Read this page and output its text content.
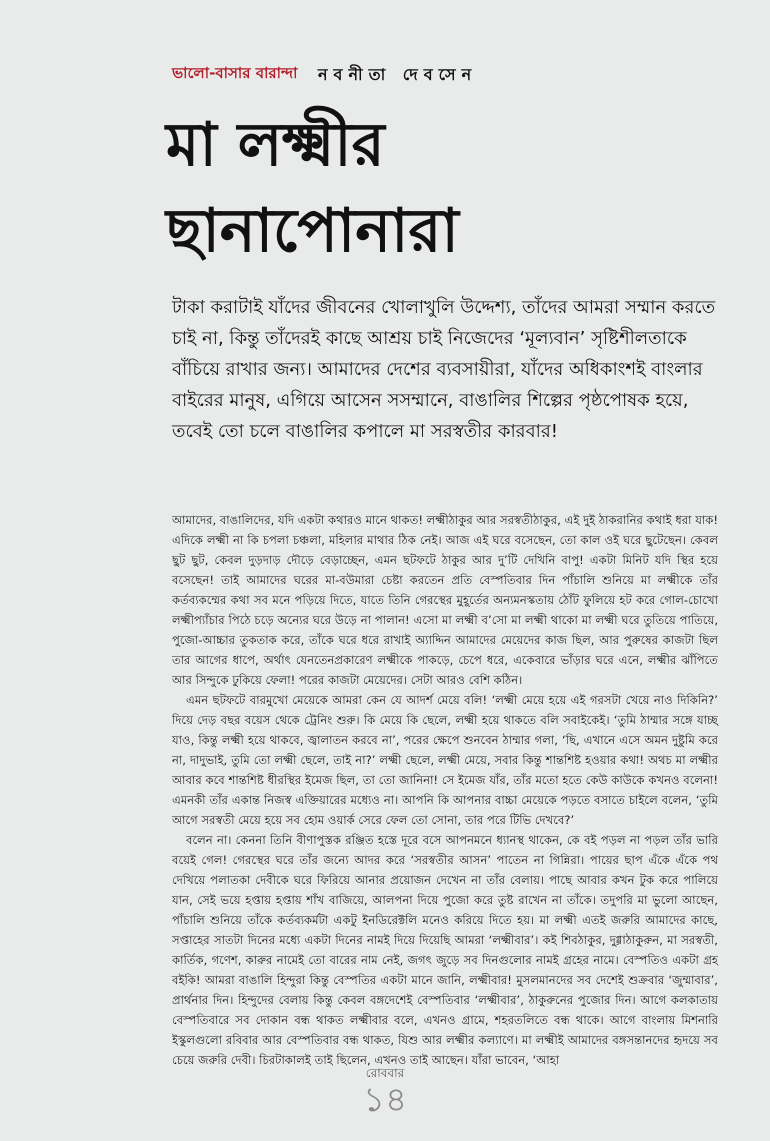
ভালো-বাসার বারান্দা নবনীতা দেবসেন
মা লক্ষ্মীর
ছানাপোনারা

টাকা করাটাই যাঁদের জীবনের খোলাখুলি উদ্দেশ্য, তাঁদের আমরা সম্মান করতে চাই না, কিন্তু তাঁদেরই কাছে আশ্রয় চাই নিজেদের ‘মূল্যবান’ সৃষ্টিশীলতাকে বাঁচিয়ে রাখার জন্য। আমাদের দেশের ব্যবসায়ীরা, যাঁদের অধিকাংশই বাংলার বাইরের মানুষ, এগিয়ে আসেন সসম্মানে, বাঙালির শিল্পের পৃষ্ঠপোষক হয়ে, তবেই তো চলে বাঙালির কপালে মা সরস্বতীর কারবার!

আমাদের, বাঙালিদের, যদি একটা কথারও মানে থাকত! লক্ষ্মীঠাকুর আর সরস্বতীঠাকুর, এই দুই ঠাকরানির কথাই ধরা যাক! এদিকে লক্ষ্মী না কি চপলা চঞ্চলা, মহিলার মাথার ঠিক নেই। আজ এই ঘরে বসেছেন, তো কাল ওই ঘরে ছুটেছেন। কেবল ছুট ছুট, কেবল দুড়দাড় দৌড়ে বেড়াচ্ছেন, এমন ছটফটে ঠাকুর আর দু’টি দেখিনি বাপু! একটা মিনিট যদি স্থির হয়ে বসেছেন! তাই আমাদের ঘরের মা-বউমারা চেষ্টা করতেন প্রতি বেস্পতিবার দিন পাঁচালি শুনিয়ে মা লক্ষ্মীকে তাঁর কর্তব্যকম্মের কথা সব মনে পড়িয়ে দিতে, যাতে তিনি গেরস্থের মুহূর্তের অন্যমনস্কতায় ঠোঁট ফুলিয়ে হট করে গোল-চোখো লক্ষ্মীপ্যাঁচার পিঠে চড়ে অন্যের ঘরে উড়ে না পালান! এসো মা লক্ষ্মী ব’সো মা লক্ষ্মী থাকো মা লক্ষ্মী ঘরে তুতিয়ে পাতিয়ে, পুজো-আচ্চার তুকতাক করে, তাঁকে ঘরে ধরে রাখাই অ্যাদ্দিন আমাদের মেয়েদের কাজ ছিল, আর পুরুষের কাজটা ছিল তার আগের ধাপে, অর্থাৎ যেনতেনপ্রকারেণ লক্ষ্মীকে পাকড়ে, চেপে ধরে, একেবারে ভাঁড়ার ঘরে এনে, লক্ষ্মীর ঝাঁপিতে আর সিন্দুকে ঢুকিয়ে ফেলা! পরের কাজটা মেয়েদের। সেটা আরও বেশি কঠিন।

এমন ছটফটে বারমুখো মেয়েকে আমরা কেন যে আদর্শ মেয়ে বলি! ‘লক্ষ্মী মেয়ে হয়ে এই গরসটা খেয়ে নাও দিকিনি?’ দিয়ে দেড় বছর বয়েস থেকে ট্রেনিং শুরু। কি মেয়ে কি ছেলে, লক্ষ্মী হয়ে থাকতে বলি সবাইকেই। ‘তুমি ঠাম্মার সঙ্গে যাচ্ছ যাও, কিন্তু লক্ষ্মী হয়ে থাকবে, জ্বালাতন করবে না’, পরের ক্ষেপে শুনবেন ঠাম্মার গলা, ‘ছি, এখানে এসে অমন দুষ্টুমি করে না, দাদুভাই, তুমি তো লক্ষ্মী ছেলে, তাই না?’ লক্ষ্মী ছেলে, লক্ষ্মী মেয়ে, সবার কিন্তু শান্তশিষ্ট হওয়ার কথা! অথচ মা লক্ষ্মীর আবার কবে শান্তশিষ্ট ধীরস্থির ইমেজ ছিল, তা তো জানিনা! সে ইমেজ যাঁর, তাঁর মতো হতে কেউ কাউকে কখনও বলেনা! এমনকী তাঁর একান্ত নিজস্ব এক্তিয়ারের মধ্যেও না। আপনি কি আপনার বাচ্চা মেয়েকে পড়তে বসাতে চাইলে বলেন, ‘তুমি আগে সরস্বতী মেয়ে হয়ে সব হোম ওয়ার্ক সেরে ফেল তো সোনা, তার পরে টিভি দেখবে?’

বলেন না। কেননা তিনি বীণাপুস্তক রঞ্জিত হস্তে দূরে বসে আপনমনে ধ্যানস্থ থাকেন, কে বই পড়ল না পড়ল তাঁর ভারি বয়েই গেল! গেরস্থের ঘরে তাঁর জন্যে আদর করে ‘সরস্বতীর আসন’ পাতেন না গিন্নিরা। পায়ের ছাপ এঁকে এঁকে পথ দেখিয়ে পলাতকা দেবীকে ঘরে ফিরিয়ে আনার প্রয়োজন দেখেন না তাঁর বেলায়। পাছে আবার কখন টুক করে পালিয়ে যান, সেই ভয়ে হপ্তায় হপ্তায় শাঁখ বাজিয়ে, আলপনা দিয়ে পুজো করে তুষ্ট রাখেন না তাঁকে। তদুপরি মা ভুলো আছেন, পাঁচালি শুনিয়ে তাঁকে কর্তব্যকর্মটা একটু ইনডিরেক্টলি মনেও করিয়ে দিতে হয়। মা লক্ষ্মী এতই জরুরি আমাদের কাছে, সপ্তাহের সাতটা দিনের মধ্যে একটা দিনের নামই দিয়ে দিয়েছি আমরা ‘লক্ষ্মীবার’। কই শিবঠাকুর, দুগ্গাঠাকুরুন, মা সরস্বতী, কার্তিক, গণেশ, কারুর নামেই তো বারের নাম নেই, জগৎ জুড়ে সব দিনগুলোর নামই গ্রহের নামে। বেস্পতিও একটা গ্রহ বইকি! আমরা বাঙালি হিন্দুরা কিন্তু বেস্পতির একটা মানে জানি, লক্ষ্মীবার! মুসলমানদের সব দেশেই শুক্রবার ‘জুম্মাবার’, প্রার্থনার দিন। হিন্দুদের বেলায় কিন্তু কেবল বঙ্গদেশেই বেস্পতিবার ‘লক্ষ্মীবার’, ঠাকুরুনের পুজোর দিন। আগে কলকাতায় বেস্পতিবারে সব দোকান বন্ধ থাকত লক্ষ্মীবার বলে, এখনও গ্রামে, শহরতলিতে বন্ধ থাকে। আগে বাংলায় মিশনারি ইস্কুলগুলো রবিবার আর বেস্পতিবার বন্ধ থাকত, যিশু আর লক্ষ্মীর কল্যাণে। মা লক্ষ্মীই আমাদের বঙ্গসন্তানদের হৃদয়ে সব চেয়ে জরুরি দেবী। চিরটাকালই তাই ছিলেন, এখনও তাই আছেন। যাঁরা ভাবেন, ‘আহা

রোববার
১৪
